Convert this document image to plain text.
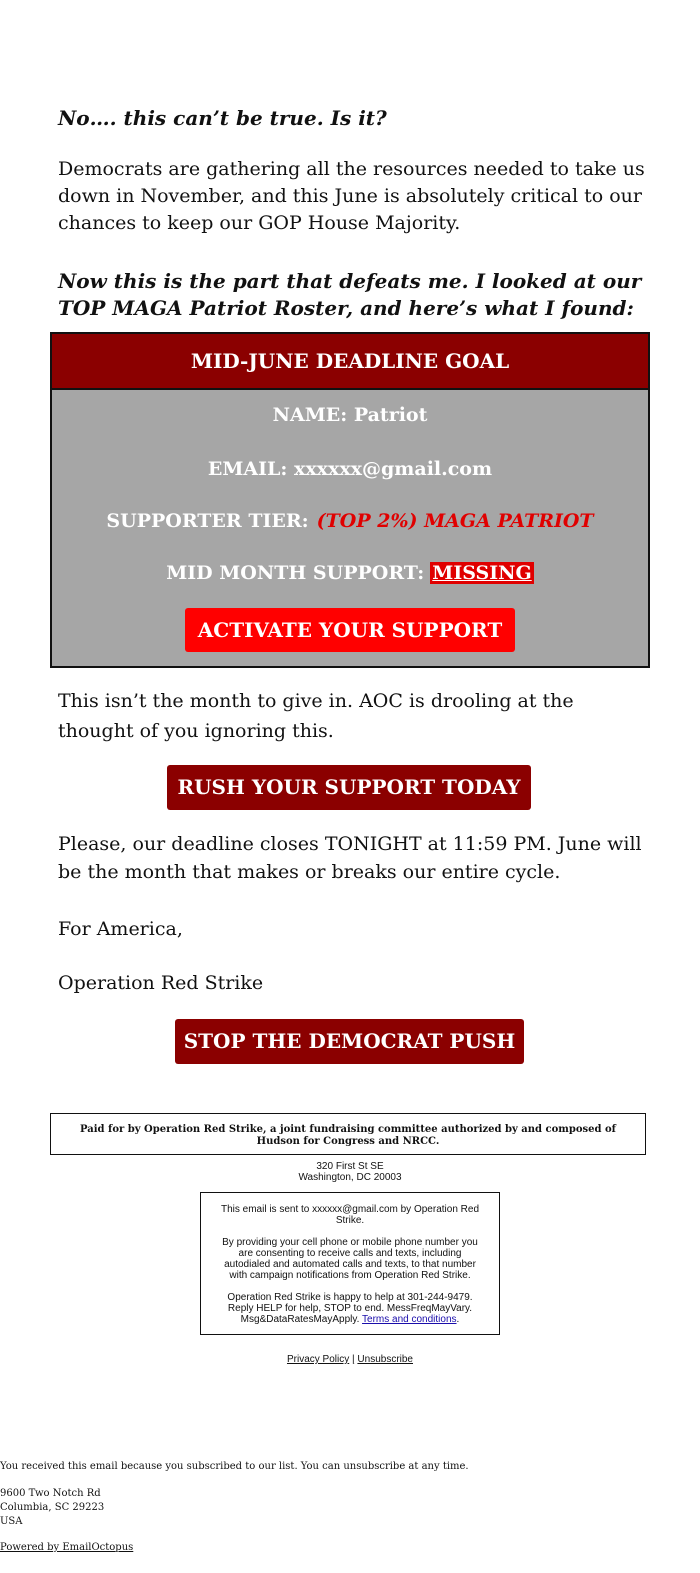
No…. this can’t be true. Is it?

Democrats are gathering all the resources needed to take us down in November, and this June is absolutely critical to our chances to keep our GOP House Majority.

Now this is the part that defeats me. I looked at our TOP MAGA Patriot Roster, and here’s what I found:

MID-JUNE DEADLINE GOAL
NAME: Patriot
EMAIL: xxxxxx@gmail.com
SUPPORTER TIER: (TOP 2%) MAGA PATRIOT
MID MONTH SUPPORT: MISSING
ACTIVATE YOUR SUPPORT

This isn’t the month to give in. AOC is drooling at the thought of you ignoring this.

RUSH YOUR SUPPORT TODAY

Please, our deadline closes TONIGHT at 11:59 PM. June will be the month that makes or breaks our entire cycle.

For America,

Operation Red Strike

STOP THE DEMOCRAT PUSH
Paid for by Operation Red Strike, a joint fundraising committee authorized by and composed of Hudson for Congress and NRCC.
320 First St SE
Washington, DC 20003

This email is sent to xxxxxx@gmail.com by Operation Red Strike.

By providing your cell phone or mobile phone number you are consenting to receive calls and texts, including autodialed and automated calls and texts, to that number with campaign notifications from Operation Red Strike.

Operation Red Strike is happy to help at 301-244-9479. Reply HELP for help, STOP to end. MessFreqMayVary. Msg&DataRatesMayApply. Terms and conditions.

Privacy Policy | Unsubscribe
You received this email because you subscribed to our list. You can unsubscribe at any time.
9600 Two Notch Rd
Columbia, SC 29223
USA
Powered by EmailOctopus
